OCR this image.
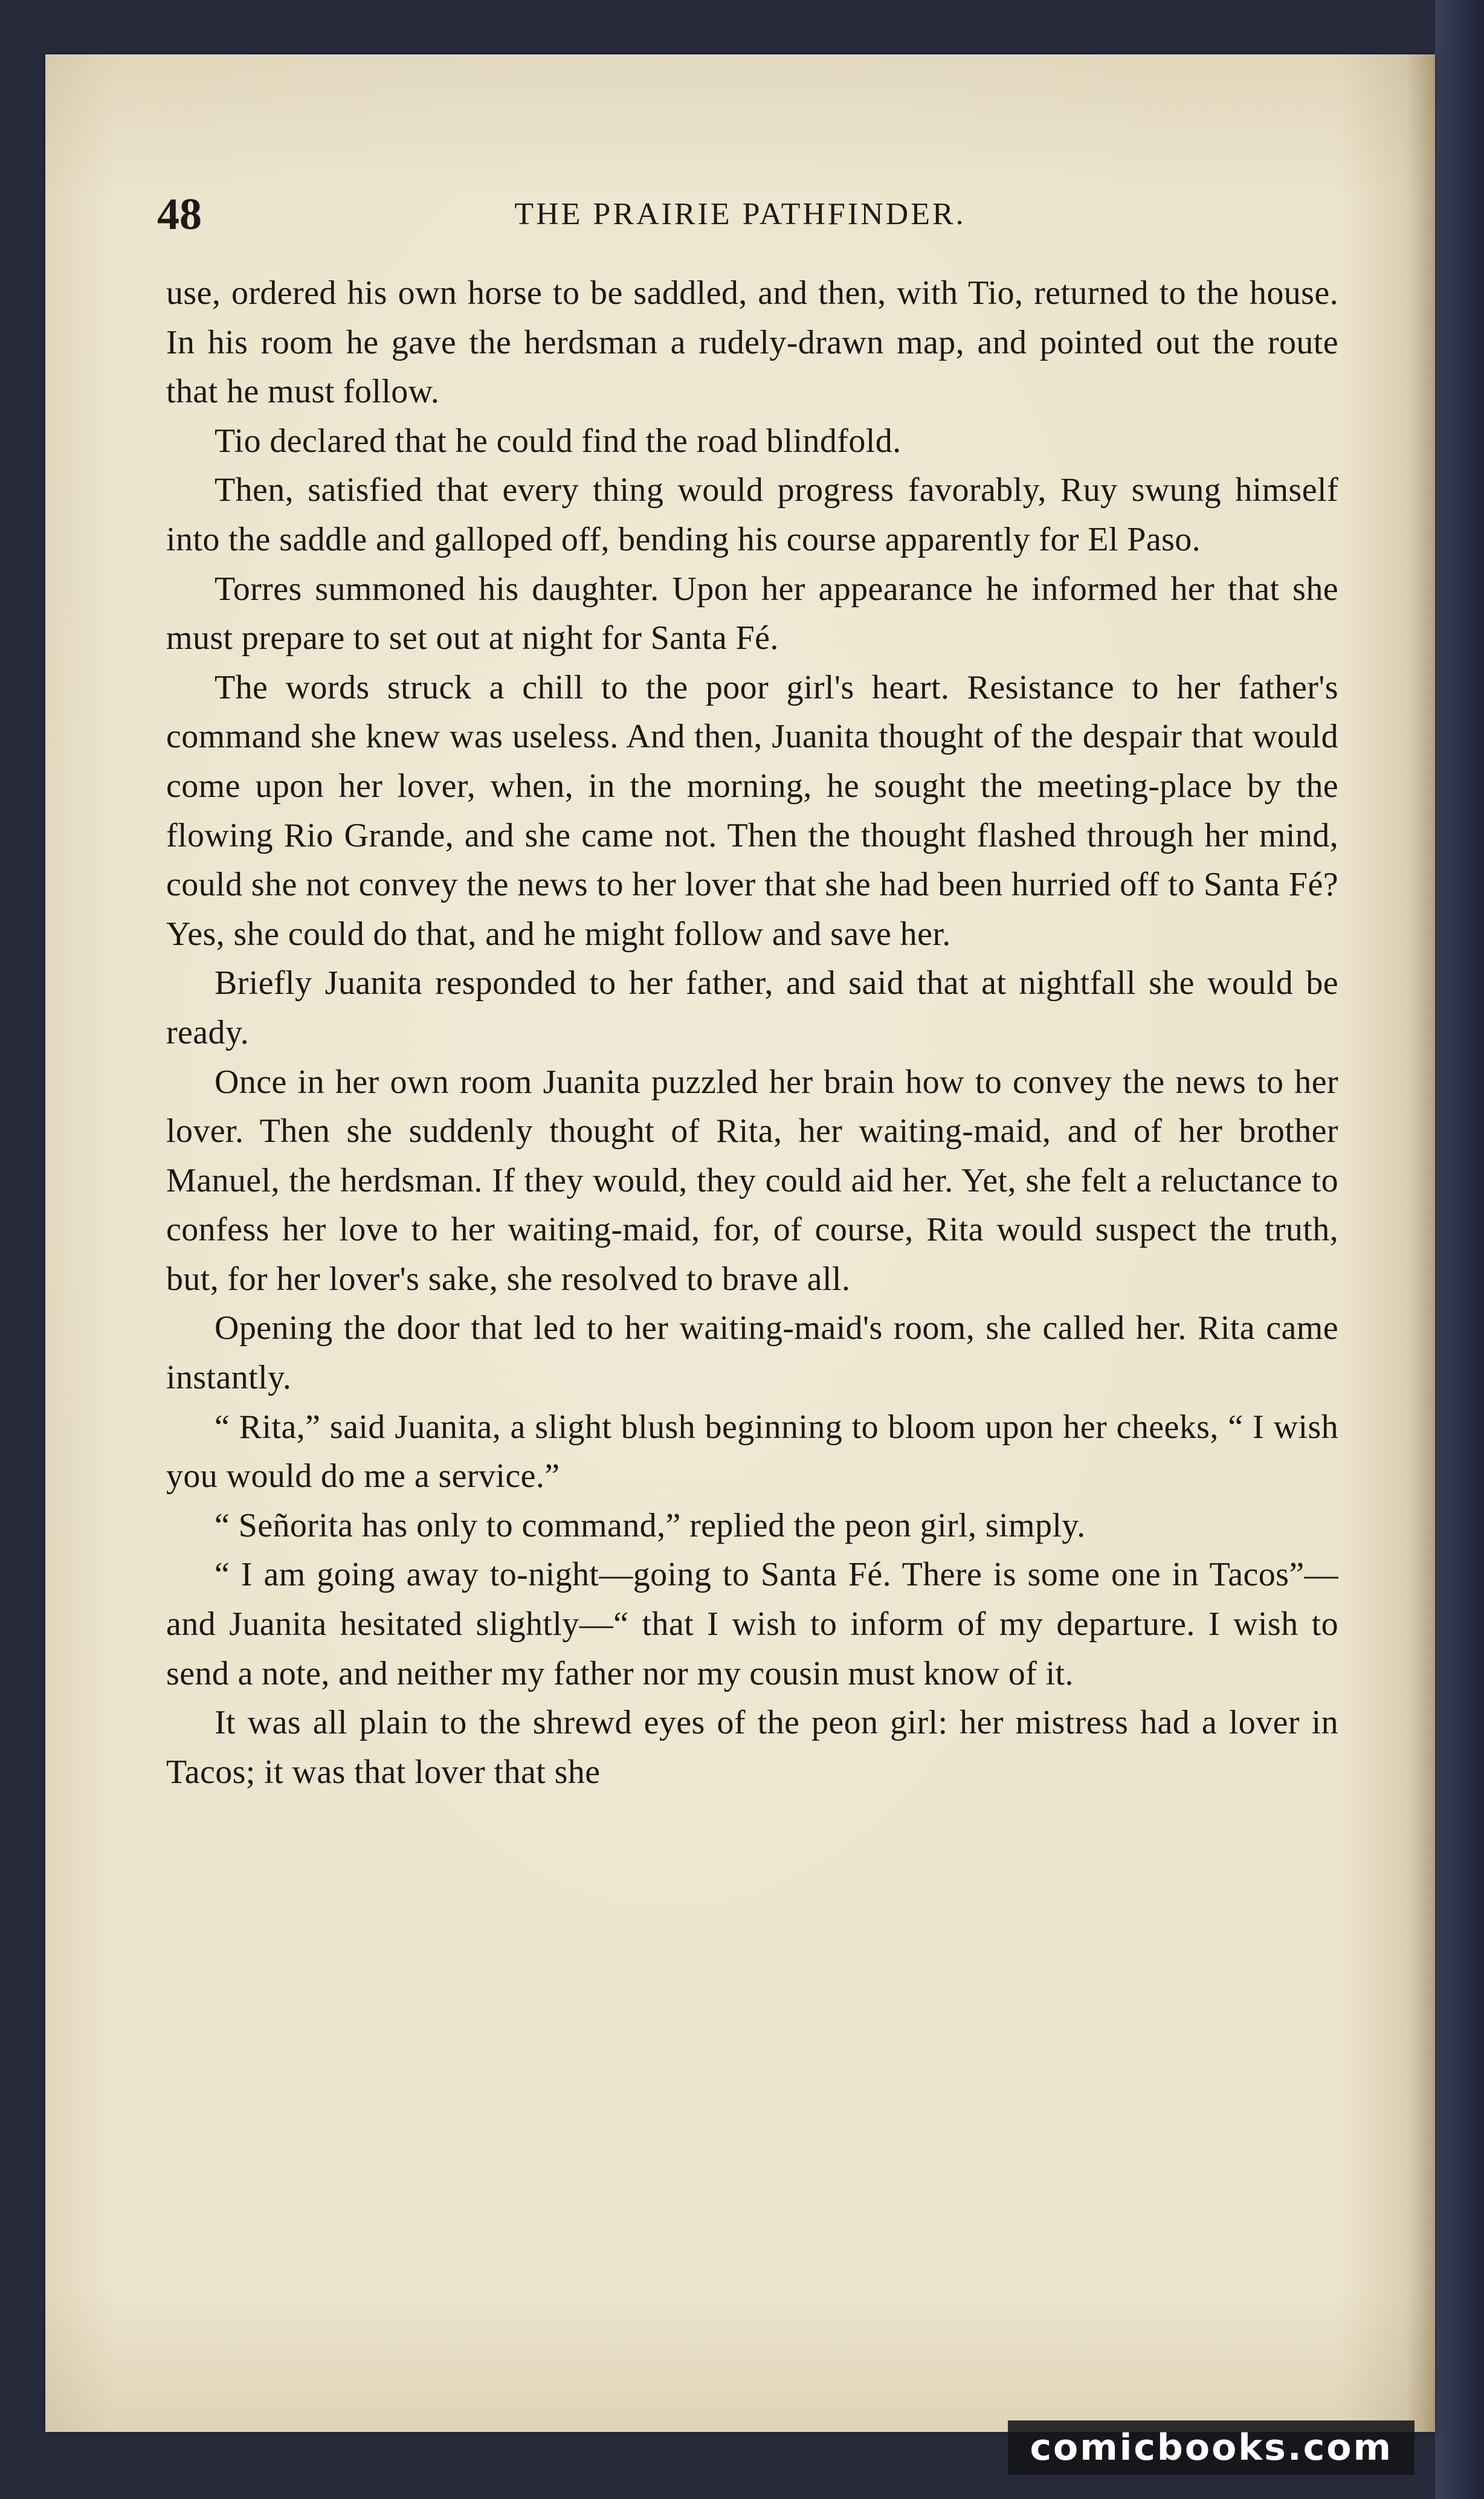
48	THE PRAIRIE PATHFINDER.

use, ordered his own horse to be saddled, and then, with Tio, returned to the house. In his room he gave the herdsman a rudely-drawn map, and pointed out the route that he must follow.

Tio declared that he could find the road blindfold.

Then, satisfied that every thing would progress favorably, Ruy swung himself into the saddle and galloped off, bending his course apparently for El Paso.

Torres summoned his daughter. Upon her appearance he informed her that she must prepare to set out at night for Santa Fé.

The words struck a chill to the poor girl's heart. Resistance to her father's command she knew was useless. And then, Juanita thought of the despair that would come upon her lover, when, in the morning, he sought the meeting-place by the flowing Rio Grande, and she came not. Then the thought flashed through her mind, could she not convey the news to her lover that she had been hurried off to Santa Fé? Yes, she could do that, and he might follow and save her.

Briefly Juanita responded to her father, and said that at nightfall she would be ready.

Once in her own room Juanita puzzled her brain how to convey the news to her lover. Then she suddenly thought of Rita, her waiting-maid, and of her brother Manuel, the herdsman. If they would, they could aid her. Yet, she felt a reluctance to confess her love to her waiting-maid, for, of course, Rita would suspect the truth, but, for her lover's sake, she resolved to brave all.

Opening the door that led to her waiting-maid's room, she called her. Rita came instantly.

“ Rita,” said Juanita, a slight blush beginning to bloom upon her cheeks, “ I wish you would do me a service.”

“ Señorita has only to command,” replied the peon girl, simply.

“ I am going away to-night—going to Santa Fé. There is some one in Tacos”—and Juanita hesitated slightly—“ that I wish to inform of my departure. I wish to send a note, and neither my father nor my cousin must know of it.

It was all plain to the shrewd eyes of the peon girl: her mistress had a lover in Tacos; it was that lover that she

comicbooks.com
